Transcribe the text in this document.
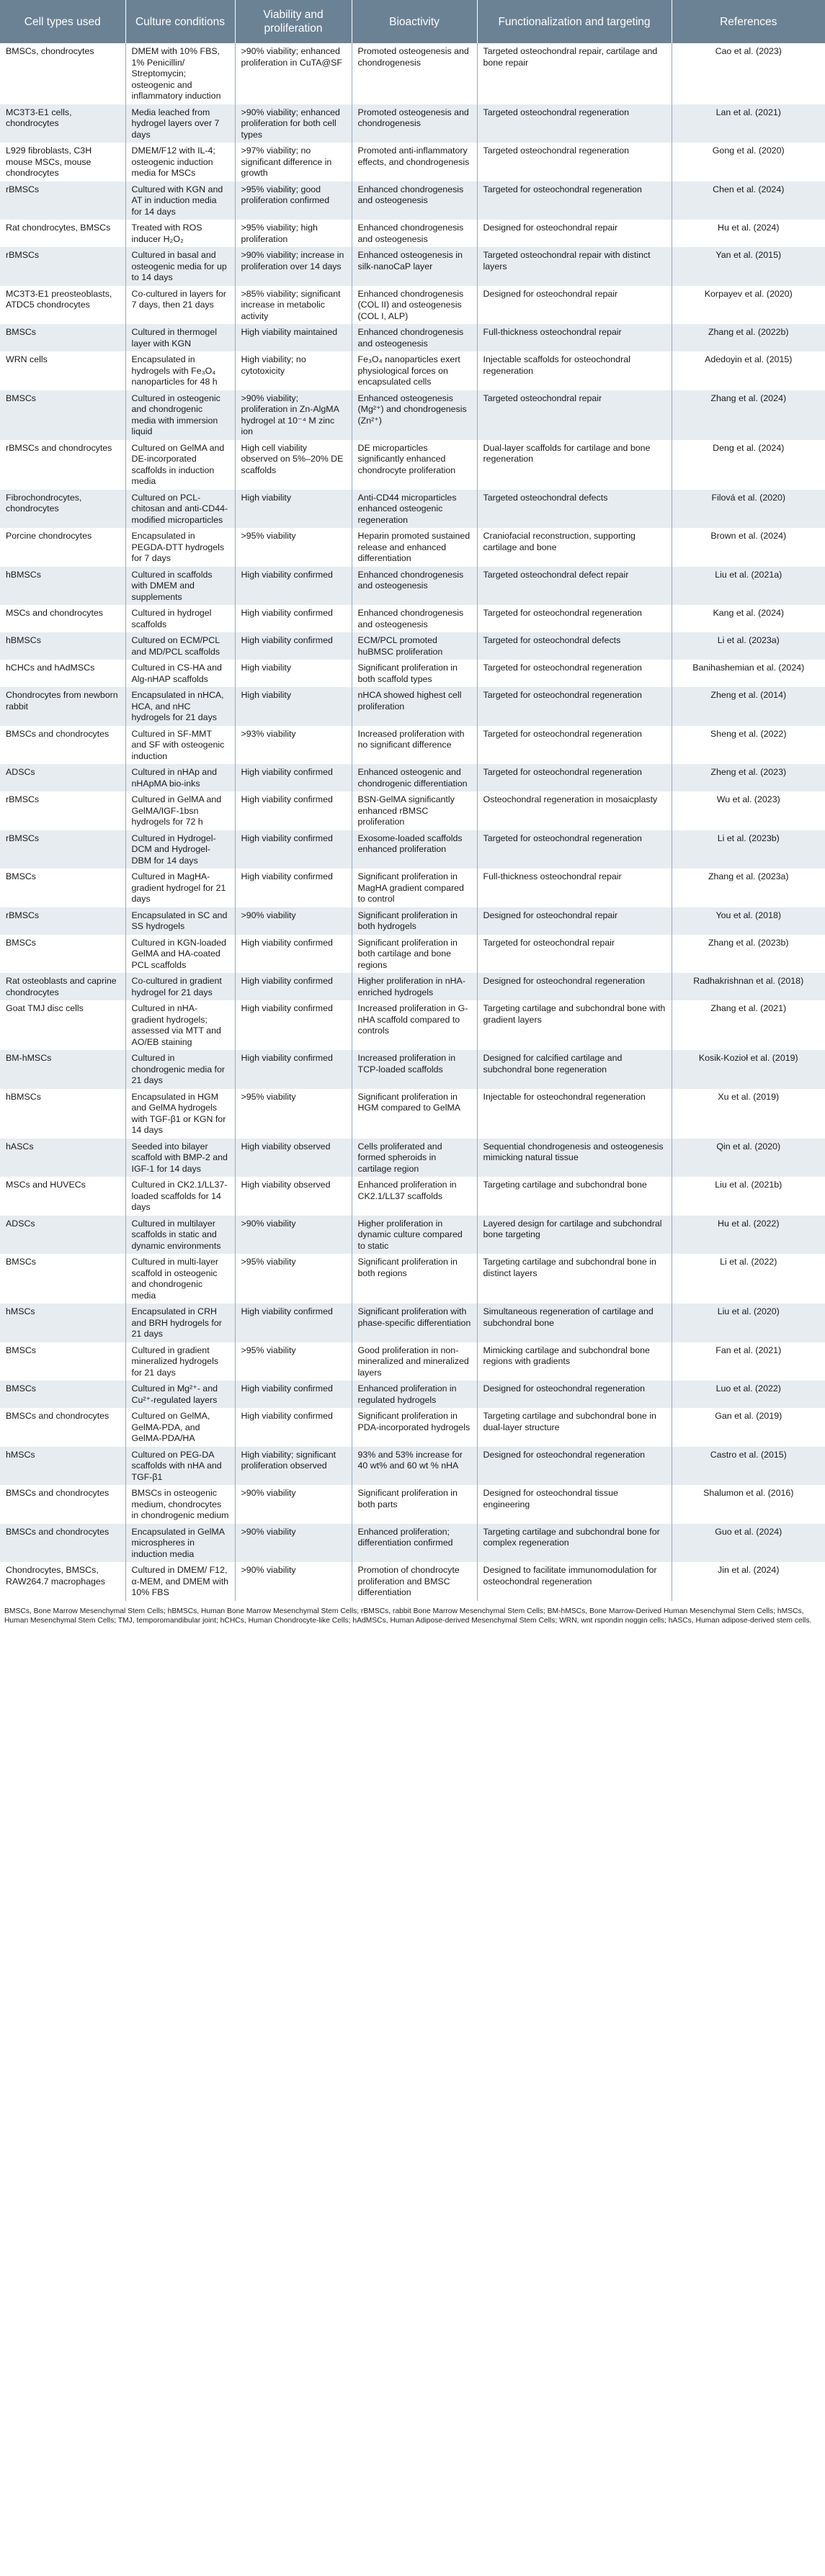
Cell types used	Culture conditions	Viability and proliferation	Bioactivity	Functionalization and targeting	References
BMSCs, chondrocytes	DMEM with 10% FBS, 1% Penicillin/ Streptomycin; osteogenic and inflammatory induction	>90% viability; enhanced proliferation in CuTA@SF	Promoted osteogenesis and chondrogenesis	Targeted osteochondral repair, cartilage and bone repair	Cao et al. (2023)
MC3T3-E1 cells, chondrocytes	Media leached from hydrogel layers over 7 days	>90% viability; enhanced proliferation for both cell types	Promoted osteogenesis and chondrogenesis	Targeted osteochondral regeneration	Lan et al. (2021)
L929 fibroblasts, C3H mouse MSCs, mouse chondrocytes	DMEM/F12 with IL-4; osteogenic induction media for MSCs	>97% viability; no significant difference in growth	Promoted anti-inflammatory effects, and chondrogenesis	Targeted osteochondral regeneration	Gong et al. (2020)
rBMSCs	Cultured with KGN and AT in induction media for 14 days	>95% viability; good proliferation confirmed	Enhanced chondrogenesis and osteogenesis	Targeted for osteochondral regeneration	Chen et al. (2024)
Rat chondrocytes, BMSCs	Treated with ROS inducer H₂O₂	>95% viability; high proliferation	Enhanced chondrogenesis and osteogenesis	Designed for osteochondral repair	Hu et al. (2024)
rBMSCs	Cultured in basal and osteogenic media for up to 14 days	>90% viability; increase in proliferation over 14 days	Enhanced osteogenesis in silk-nanoCaP layer	Targeted osteochondral repair with distinct layers	Yan et al. (2015)
MC3T3-E1 preosteoblasts, ATDC5 chondrocytes	Co-cultured in layers for 7 days, then 21 days	>85% viability; significant increase in metabolic activity	Enhanced chondrogenesis (COL II) and osteogenesis (COL I, ALP)	Designed for osteochondral repair	Korpayev et al. (2020)
BMSCs	Cultured in thermogel layer with KGN	High viability maintained	Enhanced chondrogenesis and osteogenesis	Full-thickness osteochondral repair	Zhang et al. (2022b)
WRN cells	Encapsulated in hydrogels with Fe₃O₄ nanoparticles for 48 h	High viability; no cytotoxicity	Fe₃O₄ nanoparticles exert physiological forces on encapsulated cells	Injectable scaffolds for osteochondral regeneration	Adedoyin et al. (2015)
BMSCs	Cultured in osteogenic and chondrogenic media with immersion liquid	>90% viability; proliferation in Zn-AlgMA hydrogel at 10⁻⁴ M zinc ion	Enhanced osteogenesis (Mg²⁺) and chondrogenesis (Zn²⁺)	Targeted osteochondral repair	Zhang et al. (2024)
rBMSCs and chondrocytes	Cultured on GelMA and DE-incorporated scaffolds in induction media	High cell viability observed on 5%–20% DE scaffolds	DE microparticles significantly enhanced chondrocyte proliferation	Dual-layer scaffolds for cartilage and bone regeneration	Deng et al. (2024)
Fibrochondrocytes, chondrocytes	Cultured on PCL-chitosan and anti-CD44-modified microparticles	High viability	Anti-CD44 microparticles enhanced osteogenic regeneration	Targeted osteochondral defects	Filová et al. (2020)
Porcine chondrocytes	Encapsulated in PEGDA-DTT hydrogels for 7 days	>95% viability	Heparin promoted sustained release and enhanced differentiation	Craniofacial reconstruction, supporting cartilage and bone	Brown et al. (2024)
hBMSCs	Cultured in scaffolds with DMEM and supplements	High viability confirmed	Enhanced chondrogenesis and osteogenesis	Targeted osteochondral defect repair	Liu et al. (2021a)
MSCs and chondrocytes	Cultured in hydrogel scaffolds	High viability confirmed	Enhanced chondrogenesis and osteogenesis	Targeted for osteochondral regeneration	Kang et al. (2024)
hBMSCs	Cultured on ECM/PCL and MD/PCL scaffolds	High viability confirmed	ECM/PCL promoted huBMSC proliferation	Targeted for osteochondral defects	Li et al. (2023a)
hCHCs and hAdMSCs	Cultured in CS-HA and Alg-nHAP scaffolds	High viability	Significant proliferation in both scaffold types	Targeted for osteochondral regeneration	Banihashemian et al. (2024)
Chondrocytes from newborn rabbit	Encapsulated in nHCA, HCA, and nHC hydrogels for 21 days	High viability	nHCA showed highest cell proliferation	Targeted for osteochondral regeneration	Zheng et al. (2014)
BMSCs and chondrocytes	Cultured in SF-MMT and SF with osteogenic induction	>93% viability	Increased proliferation with no significant difference	Targeted for osteochondral regeneration	Sheng et al. (2022)
ADSCs	Cultured in nHAp and nHApMA bio-inks	High viability confirmed	Enhanced osteogenic and chondrogenic differentiation	Targeted for osteochondral regeneration	Zheng et al. (2023)
rBMSCs	Cultured in GelMA and GelMA/IGF-1bsn hydrogels for 72 h	High viability confirmed	BSN-GelMA significantly enhanced rBMSC proliferation	Osteochondral regeneration in mosaicplasty	Wu et al. (2023)
rBMSCs	Cultured in Hydrogel-DCM and Hydrogel-DBM for 14 days	High viability confirmed	Exosome-loaded scaffolds enhanced proliferation	Targeted for osteochondral regeneration	Li et al. (2023b)
BMSCs	Cultured in MagHA-gradient hydrogel for 21 days	High viability confirmed	Significant proliferation in MagHA gradient compared to control	Full-thickness osteochondral repair	Zhang et al. (2023a)
rBMSCs	Encapsulated in SC and SS hydrogels	>90% viability	Significant proliferation in both hydrogels	Designed for osteochondral repair	You et al. (2018)
BMSCs	Cultured in KGN-loaded GelMA and HA-coated PCL scaffolds	High viability confirmed	Significant proliferation in both cartilage and bone regions	Targeted for osteochondral repair	Zhang et al. (2023b)
Rat osteoblasts and caprine chondrocytes	Co-cultured in gradient hydrogel for 21 days	High viability confirmed	Higher proliferation in nHA-enriched hydrogels	Designed for osteochondral regeneration	Radhakrishnan et al. (2018)
Goat TMJ disc cells	Cultured in nHA-gradient hydrogels; assessed via MTT and AO/EB staining	High viability confirmed	Increased proliferation in G-nHA scaffold compared to controls	Targeting cartilage and subchondral bone with gradient layers	Zhang et al. (2021)
BM-hMSCs	Cultured in chondrogenic media for 21 days	High viability confirmed	Increased proliferation in TCP-loaded scaffolds	Designed for calcified cartilage and subchondral bone regeneration	Kosik-Kozioł et al. (2019)
hBMSCs	Encapsulated in HGM and GelMA hydrogels with TGF-β1 or KGN for 14 days	>95% viability	Significant proliferation in HGM compared to GelMA	Injectable for osteochondral regeneration	Xu et al. (2019)
hASCs	Seeded into bilayer scaffold with BMP-2 and IGF-1 for 14 days	High viability observed	Cells proliferated and formed spheroids in cartilage region	Sequential chondrogenesis and osteogenesis mimicking natural tissue	Qin et al. (2020)
MSCs and HUVECs	Cultured in CK2.1/LL37-loaded scaffolds for 14 days	High viability observed	Enhanced proliferation in CK2.1/LL37 scaffolds	Targeting cartilage and subchondral bone	Liu et al. (2021b)
ADSCs	Cultured in multilayer scaffolds in static and dynamic environments	>90% viability	Higher proliferation in dynamic culture compared to static	Layered design for cartilage and subchondral bone targeting	Hu et al. (2022)
BMSCs	Cultured in multi-layer scaffold in osteogenic and chondrogenic media	>95% viability	Significant proliferation in both regions	Targeting cartilage and subchondral bone in distinct layers	Li et al. (2022)
hMSCs	Encapsulated in CRH and BRH hydrogels for 21 days	High viability confirmed	Significant proliferation with phase-specific differentiation	Simultaneous regeneration of cartilage and subchondral bone	Liu et al. (2020)
BMSCs	Cultured in gradient mineralized hydrogels for 21 days	>95% viability	Good proliferation in non-mineralized and mineralized layers	Mimicking cartilage and subchondral bone regions with gradients	Fan et al. (2021)
BMSCs	Cultured in Mg²⁺- and Cu²⁺-regulated layers	High viability confirmed	Enhanced proliferation in regulated hydrogels	Designed for osteochondral regeneration	Luo et al. (2022)
BMSCs and chondrocytes	Cultured on GelMA, GelMA-PDA, and GelMA-PDA/HA	High viability confirmed	Significant proliferation in PDA-incorporated hydrogels	Targeting cartilage and subchondral bone in dual-layer structure	Gan et al. (2019)
hMSCs	Cultured on PEG-DA scaffolds with nHA and TGF-β1	High viability; significant proliferation observed	93% and 53% increase for 40 wt% and 60 wt % nHA	Designed for osteochondral regeneration	Castro et al. (2015)
BMSCs and chondrocytes	BMSCs in osteogenic medium, chondrocytes in chondrogenic medium	>90% viability	Significant proliferation in both parts	Designed for osteochondral tissue engineering	Shalumon et al. (2016)
BMSCs and chondrocytes	Encapsulated in GelMA microspheres in induction media	>90% viability	Enhanced proliferation; differentiation confirmed	Targeting cartilage and subchondral bone for complex regeneration	Guo et al. (2024)
Chondrocytes, BMSCs, RAW264.7 macrophages	Cultured in DMEM/ F12, α-MEM, and DMEM with 10% FBS	>90% viability	Promotion of chondrocyte proliferation and BMSC differentiation	Designed to facilitate immunomodulation for osteochondral regeneration	Jin et al. (2024)

BMSCs, Bone Marrow Mesenchymal Stem Cells; hBMSCs, Human Bone Marrow Mesenchymal Stem Cells; rBMSCs, rabbit Bone Marrow Mesenchymal Stem Cells; BM-hMSCs, Bone Marrow-Derived Human Mesenchymal Stem Cells; hMSCs, Human Mesenchymal Stem Cells; TMJ, temporomandibular joint; hCHCs, Human Chondrocyte-like Cells; hAdMSCs, Human Adipose-derived Mesenchymal Stem Cells; WRN, wnt rspondin noggin cells; hASCs, Human adipose-derived stem cells.
